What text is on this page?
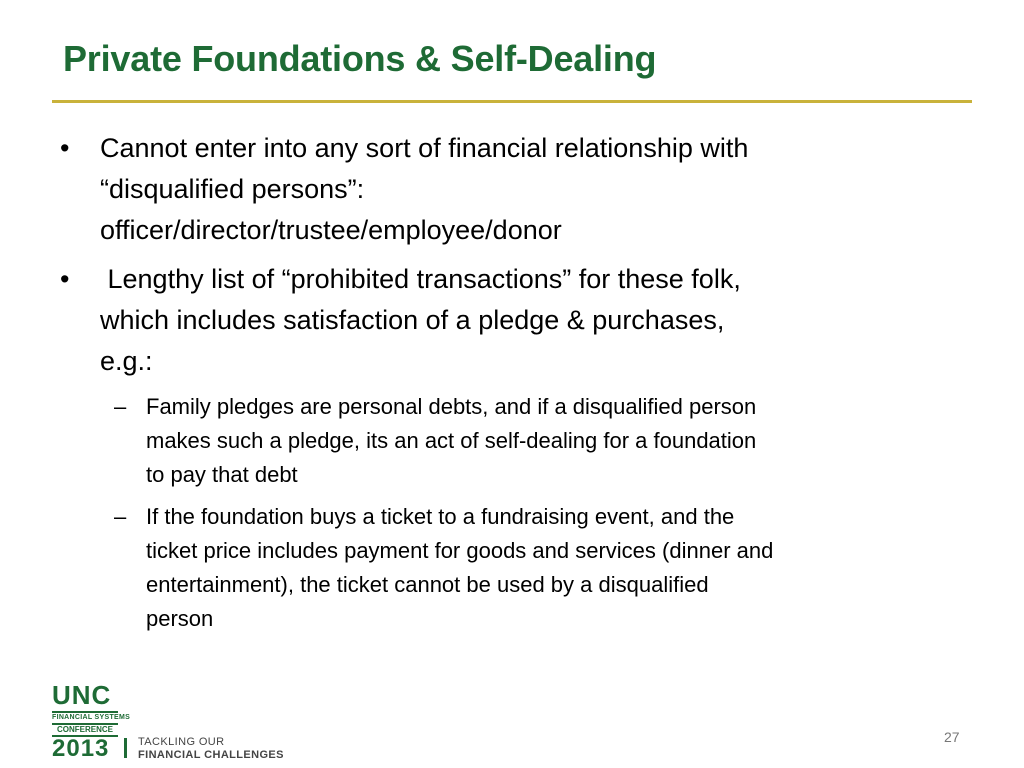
Private Foundations & Self-Dealing
• Cannot enter into any sort of financial relationship with
“disqualified persons”:
officer/director/trustee/employee/donor
• Lengthy list of “prohibited transactions” for these folk,
which includes satisfaction of a pledge & purchases,
e.g.:
– Family pledges are personal debts, and if a disqualified person
makes such a pledge, its an act of self-dealing for a foundation
to pay that debt
– If the foundation buys a ticket to a fundraising event, and the
ticket price includes payment for goods and services (dinner and
entertainment), the ticket cannot be used by a disqualified
person
UNC
FINANCIAL SYSTEMS
CONFERENCE
2013	TACKLING OUR
FINANCIAL CHALLENGES
27
